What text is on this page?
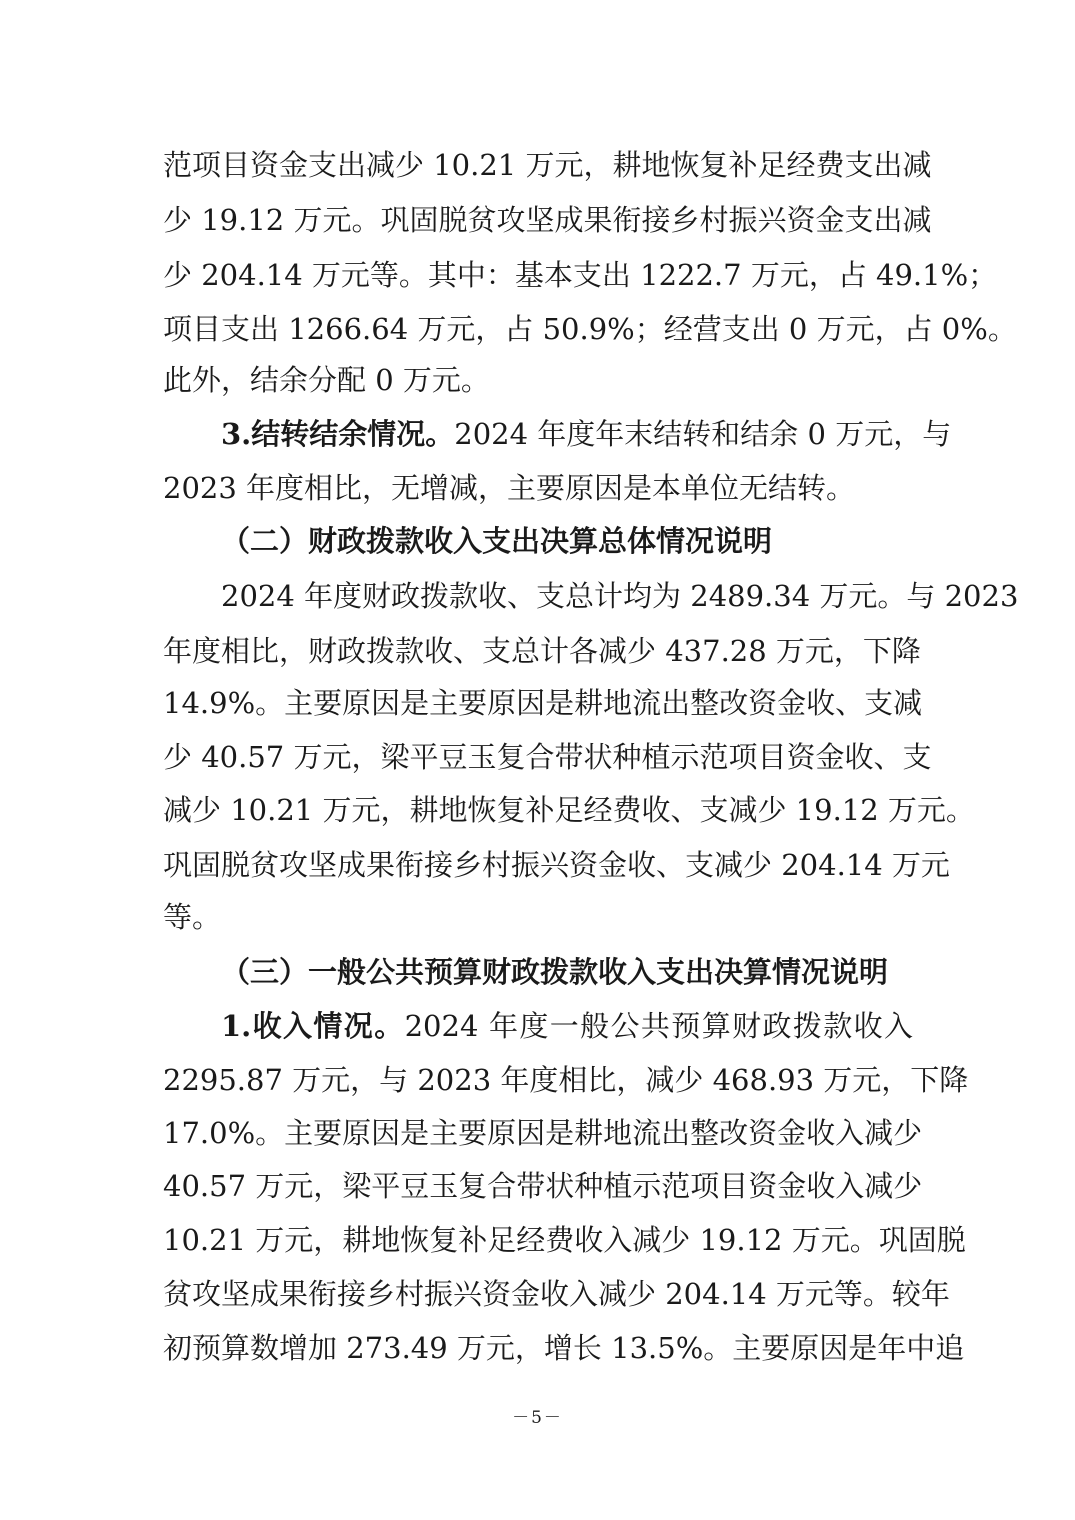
范项目资金支出减少 10.21 万元，耕地恢复补足经费支出减
少 19.12 万元。巩固脱贫攻坚成果衔接乡村振兴资金支出减
少 204.14 万元等。其中：基本支出 1222.7 万元，占 49.1%；
项目支出 1266.64 万元，占 50.9%；经营支出 0 万元，占 0%。
此外，结余分配 0 万元。
3.结转结余情况。2024 年度年末结转和结余 0 万元，与
2023 年度相比，无增减，主要原因是本单位无结转。
（二）财政拨款收入支出决算总体情况说明
2024 年度财政拨款收、支总计均为 2489.34 万元。与 2023
年度相比，财政拨款收、支总计各减少 437.28 万元，下降
14.9%。主要原因是主要原因是耕地流出整改资金收、支减
少 40.57 万元，梁平豆玉复合带状种植示范项目资金收、支
减少 10.21 万元，耕地恢复补足经费收、支减少 19.12 万元。
巩固脱贫攻坚成果衔接乡村振兴资金收、支减少 204.14 万元
等。
（三）一般公共预算财政拨款收入支出决算情况说明
1.收入情况。2024 年度一般公共预算财政拨款收入
2295.87 万元，与 2023 年度相比，减少 468.93 万元，下降
17.0%。主要原因是主要原因是耕地流出整改资金收入减少
40.57 万元，梁平豆玉复合带状种植示范项目资金收入减少
10.21 万元，耕地恢复补足经费收入减少 19.12 万元。巩固脱
贫攻坚成果衔接乡村振兴资金收入减少 204.14 万元等。较年
初预算数增加 273.49 万元，增长 13.5%。主要原因是年中追
－5－
